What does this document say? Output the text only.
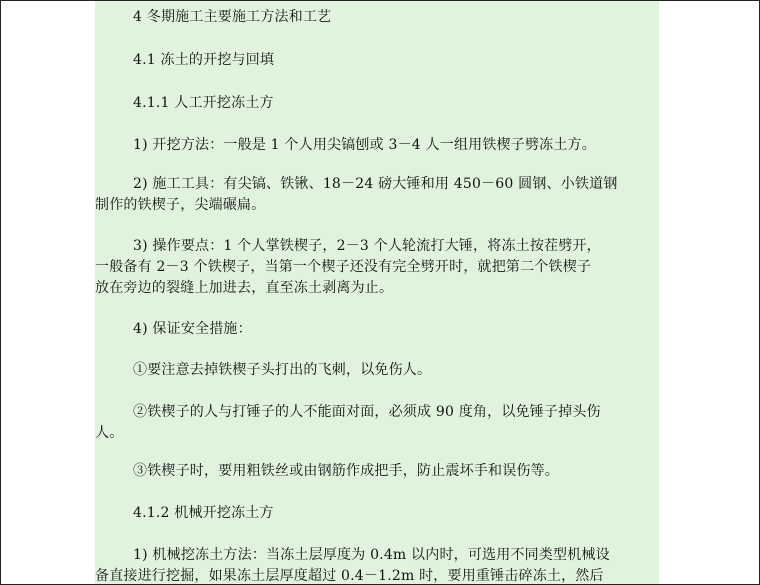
4 冬期施工主要施工方法和工艺
4.1 冻土的开挖与回填
4.1.1 人工开挖冻土方
1) 开挖方法：一般是 1 个人用尖镐刨或 3－4 人一组用铁楔子劈冻土方。
2) 施工工具：有尖镐、铁锹、18－24 磅大锤和用 450－60 圆钢、小铁道钢
制作的铁楔子，尖端碾扁。
3) 操作要点：1 个人掌铁楔子，2－3 个人轮流打大锤，将冻土按茬劈开，
一般备有 2－3 个铁楔子，当第一个楔子还没有完全劈开时，就把第二个铁楔子
放在旁边的裂缝上加进去，直至冻土剥离为止。
4) 保证安全措施：
①要注意去掉铁楔子头打出的飞刺，以免伤人。
②铁楔子的人与打锤子的人不能面对面，必须成 90 度角，以免锤子掉头伤
人。
③铁楔子时，要用粗铁丝或由钢筋作成把手，防止震坏手和误伤等。
4.1.2 机械开挖冻土方
1) 机械挖冻土方法：当冻土层厚度为 0.4m 以内时，可选用不同类型机械设
备直接进行挖掘，如果冻土层厚度超过 0.4－1.2m 时，要用重锤击碎冻土，然后
